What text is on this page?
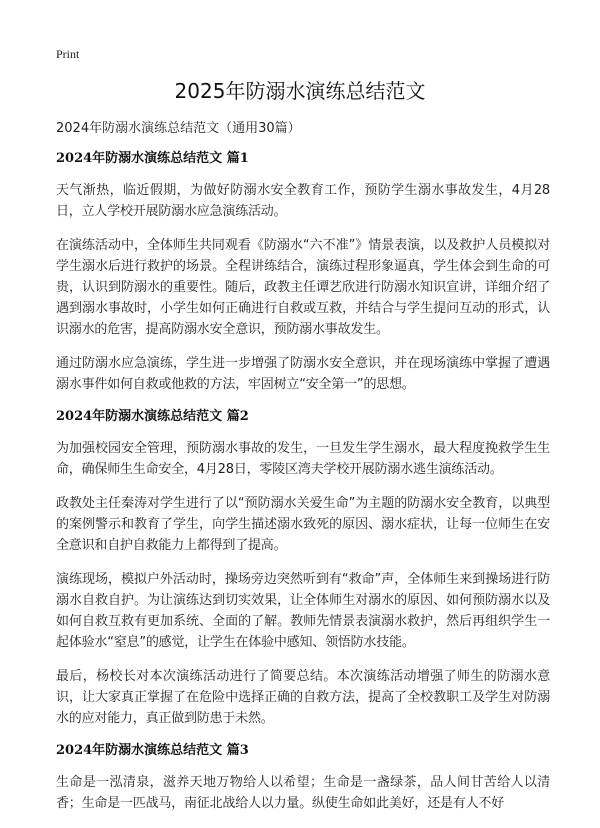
Print
2025年防溺水演练总结范文
2024年防溺水演练总结范文（通用30篇）
2024年防溺水演练总结范文 篇1

天气渐热，临近假期，为做好防溺水安全教育工作，预防学生溺水事故发生，4月28日，立人学校开展防溺水应急演练活动。

在演练活动中，全体师生共同观看《防溺水“六不准”》情景表演，以及救护人员模拟对学生溺水后进行救护的场景。全程讲练结合，演练过程形象逼真，学生体会到生命的可贵，认识到防溺水的重要性。随后，政教主任谭艺欣进行防溺水知识宣讲，详细介绍了遇到溺水事故时，小学生如何正确进行自救或互救，并结合与学生提问互动的形式，认识溺水的危害，提高防溺水安全意识，预防溺水事故发生。

通过防溺水应急演练，学生进一步增强了防溺水安全意识，并在现场演练中掌握了遭遇溺水事件如何自救或他救的方法，牢固树立“安全第一”的思想。

2024年防溺水演练总结范文 篇2

为加强校园安全管理，预防溺水事故的发生，一旦发生学生溺水，最大程度挽救学生生命，确保师生生命安全，4月28日，零陵区湾夫学校开展防溺水逃生演练活动。

政教处主任秦涛对学生进行了以“预防溺水关爱生命”为主题的防溺水安全教育，以典型的案例警示和教育了学生，向学生描述溺水致死的原因、溺水症状，让每一位师生在安全意识和自护自救能力上都得到了提高。

演练现场，模拟户外活动时，操场旁边突然听到有“救命”声，全体师生来到操场进行防溺水自救自护。为让演练达到切实效果，让全体师生对溺水的原因、如何预防溺水以及如何自救互救有更加系统、全面的了解。教师先情景表演溺水救护，然后再组织学生一起体验水“窒息”的感觉，让学生在体验中感知、领悟防水技能。

最后，杨校长对本次演练活动进行了简要总结。本次演练活动增强了师生的防溺水意识，让大家真正掌握了在危险中选择正确的自救方法，提高了全校教职工及学生对防溺水的应对能力，真正做到防患于未然。

2024年防溺水演练总结范文 篇3

生命是一泓清泉，滋养天地万物给人以希望；生命是一盏绿茶，品人间甘苦给人以清香；生命是一匹战马，南征北战给人以力量。纵使生命如此美好，还是有人不好
